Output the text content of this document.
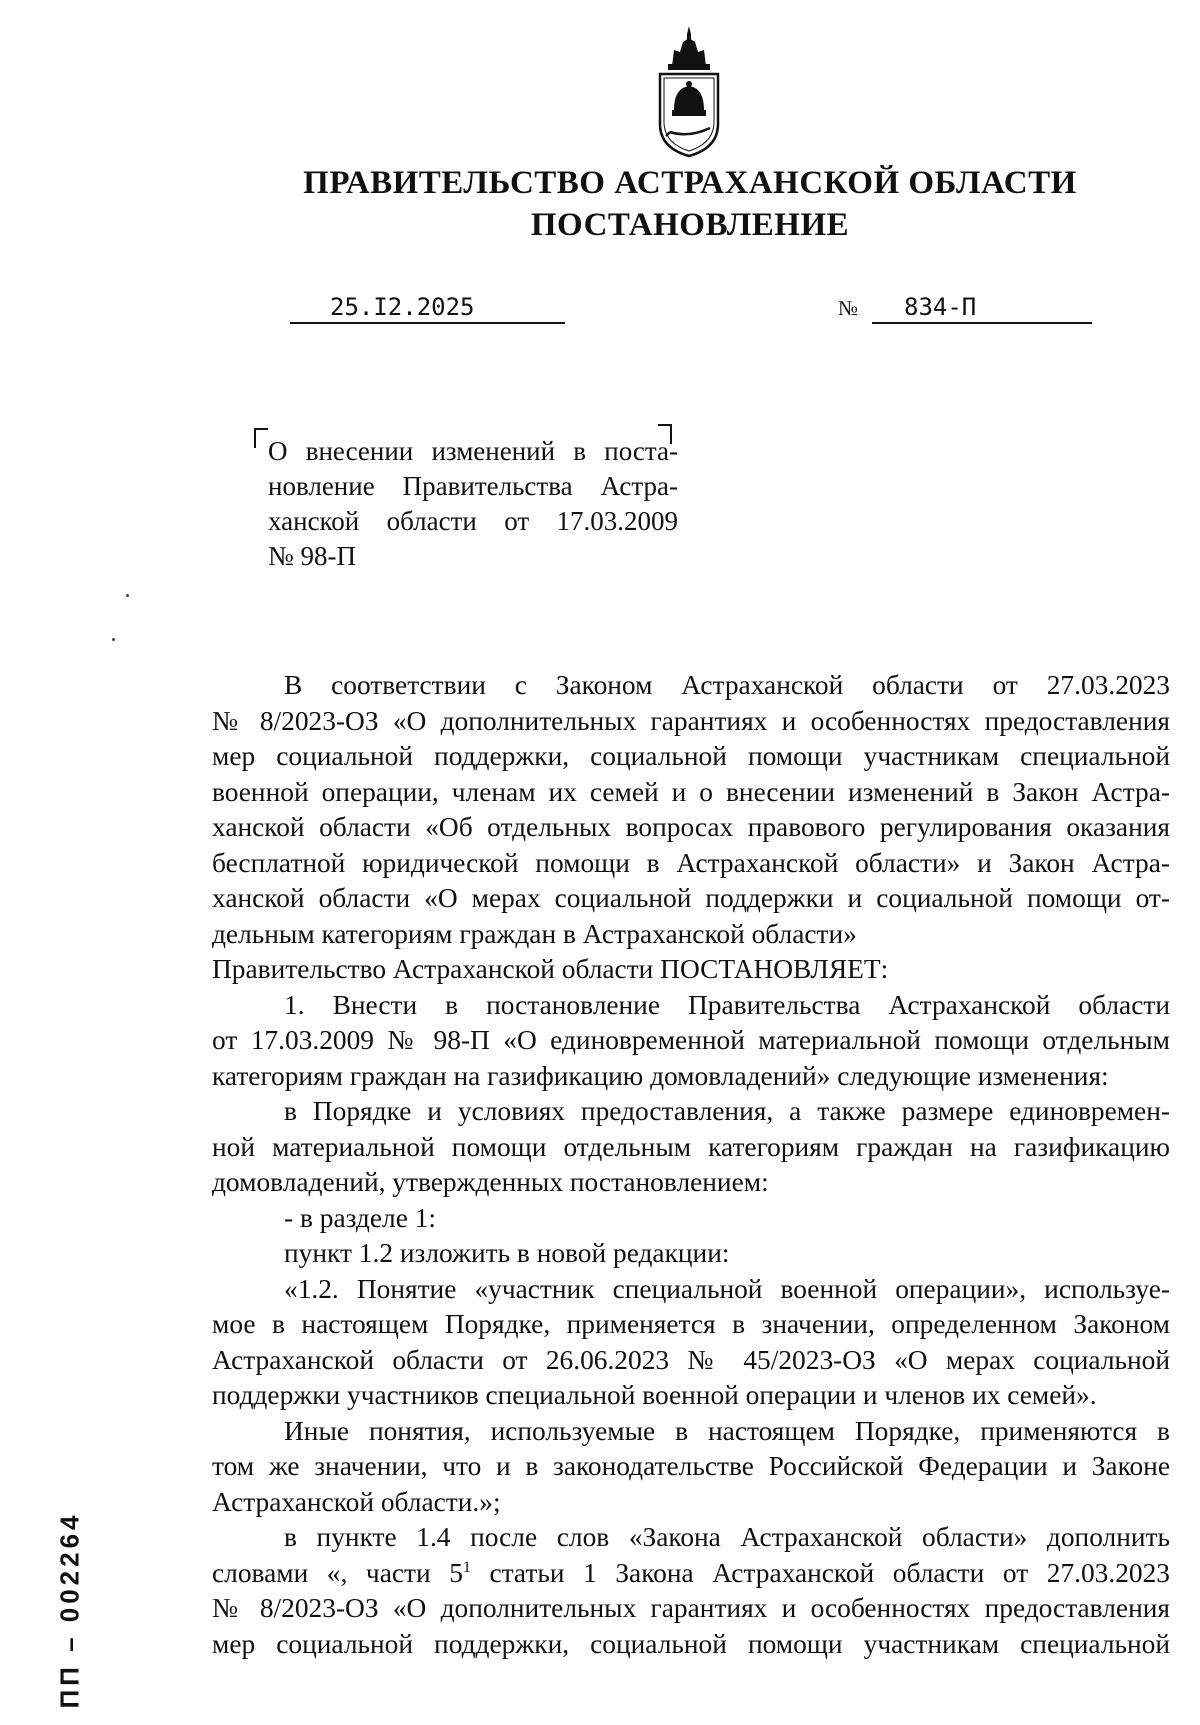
ПРАВИТЕЛЬСТВО АСТРАХАНСКОЙ ОБЛАСТИ
ПОСТАНОВЛЕНИЕ
25.I2.2025	№	834-П
О внесении изменений в поста-
новление Правительства Астра-
ханской области от 17.03.2009
№ 98-П
В соответствии с Законом Астраханской области от 27.03.2023
№ 8/2023-ОЗ «О дополнительных гарантиях и особенностях предоставления
мер социальной поддержки, социальной помощи участникам специальной
военной операции, членам их семей и о внесении изменений в Закон Астра-
ханской области «Об отдельных вопросах правового регулирования оказания
бесплатной юридической помощи в Астраханской области» и Закон Астра-
ханской области «О мерах социальной поддержки и социальной помощи от-
дельным категориям граждан в Астраханской области»
Правительство Астраханской области ПОСТАНОВЛЯЕТ:
1. Внести в постановление Правительства Астраханской области
от 17.03.2009 № 98-П «О единовременной материальной помощи отдельным
категориям граждан на газификацию домовладений» следующие изменения:
в Порядке и условиях предоставления, а также размере единовремен-
ной материальной помощи отдельным категориям граждан на газификацию
домовладений, утвержденных постановлением:
- в разделе 1:
пункт 1.2 изложить в новой редакции:
«1.2. Понятие «участник специальной военной операции», используе-
мое в настоящем Порядке, применяется в значении, определенном Законом
Астраханской области от 26.06.2023 № 45/2023-ОЗ «О мерах социальной
поддержки участников специальной военной операции и членов их семей».
Иные понятия, используемые в настоящем Порядке, применяются в
том же значении, что и в законодательстве Российской Федерации и Законе
Астраханской области.»;
в пункте 1.4 после слов «Закона Астраханской области» дополнить
словами «, части $5^1$ статьи 1 Закона Астраханской области от 27.03.2023
№ 8/2023-ОЗ «О дополнительных гарантиях и особенностях предоставления
мер социальной поддержки, социальной помощи участникам специальной
ПП – 002264
